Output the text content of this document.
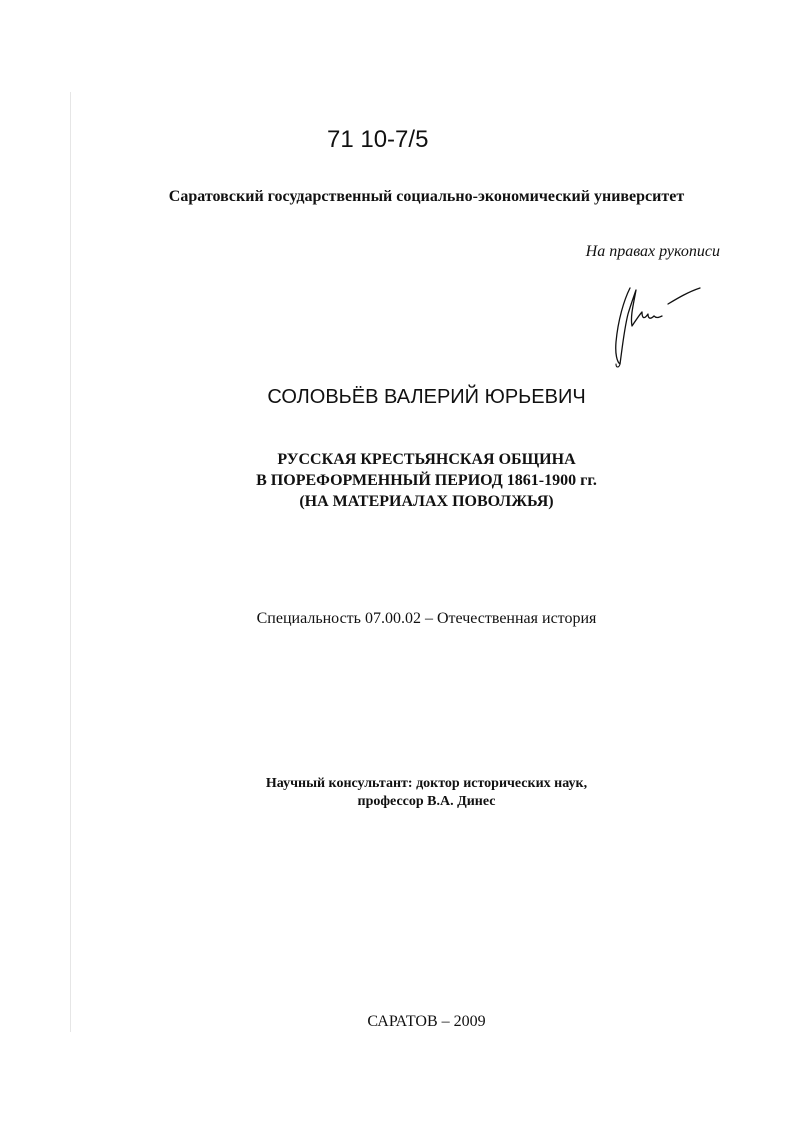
71 10-7/5
Саратовский государственный социально-экономический университет
На правах рукописи
СОЛОВЬЁВ ВАЛЕРИЙ ЮРЬЕВИЧ
РУССКАЯ КРЕСТЬЯНСКАЯ ОБЩИНА
В ПОРЕФОРМЕННЫЙ ПЕРИОД 1861-1900 гг.
(НА МАТЕРИАЛАХ ПОВОЛЖЬЯ)
Специальность 07.00.02 – Отечественная история
Научный консультант: доктор исторических наук,
профессор В.А. Динес
САРАТОВ – 2009
